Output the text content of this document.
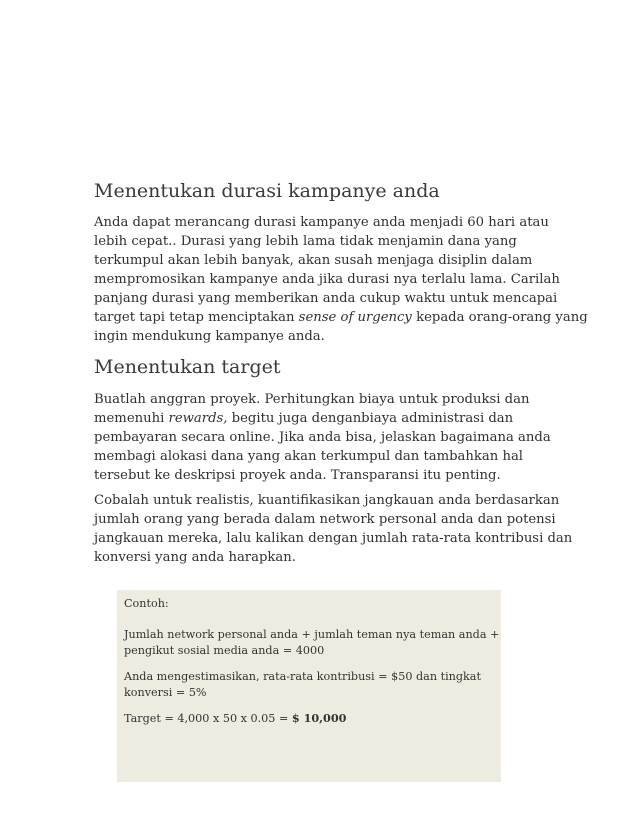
Menentukan durasi kampanye anda

Anda dapat merancang durasi kampanye anda menjadi 60 hari atau
lebih cepat.. Durasi yang lebih lama tidak menjamin dana yang
terkumpul akan lebih banyak, akan susah menjaga disiplin dalam
mempromosikan kampanye anda jika durasi nya terlalu lama. Carilah
panjang durasi yang memberikan anda cukup waktu untuk mencapai
target tapi tetap menciptakan sense of urgency kepada orang-orang yang
ingin mendukung kampanye anda.

Menentukan target

Buatlah anggran proyek. Perhitungkan biaya untuk produksi dan
memenuhi rewards, begitu juga denganbiaya administrasi dan
pembayaran secara online. Jika anda bisa, jelaskan bagaimana anda
membagi alokasi dana yang akan terkumpul dan tambahkan hal
tersebut ke deskripsi proyek anda. Transparansi itu penting.

Cobalah untuk realistis, kuantifikasikan jangkauan anda berdasarkan
jumlah orang yang berada dalam network personal anda dan potensi
jangkauan mereka, lalu kalikan dengan jumlah rata-rata kontribusi dan
konversi yang anda harapkan.

Contoh:

Jumlah network personal anda + jumlah teman nya teman anda +
pengikut sosial media anda = 4000

Anda mengestimasikan, rata-rata kontribusi = $50 dan tingkat
konversi = 5%

Target = 4,000 x 50 x 0.05 = $ 10,000
